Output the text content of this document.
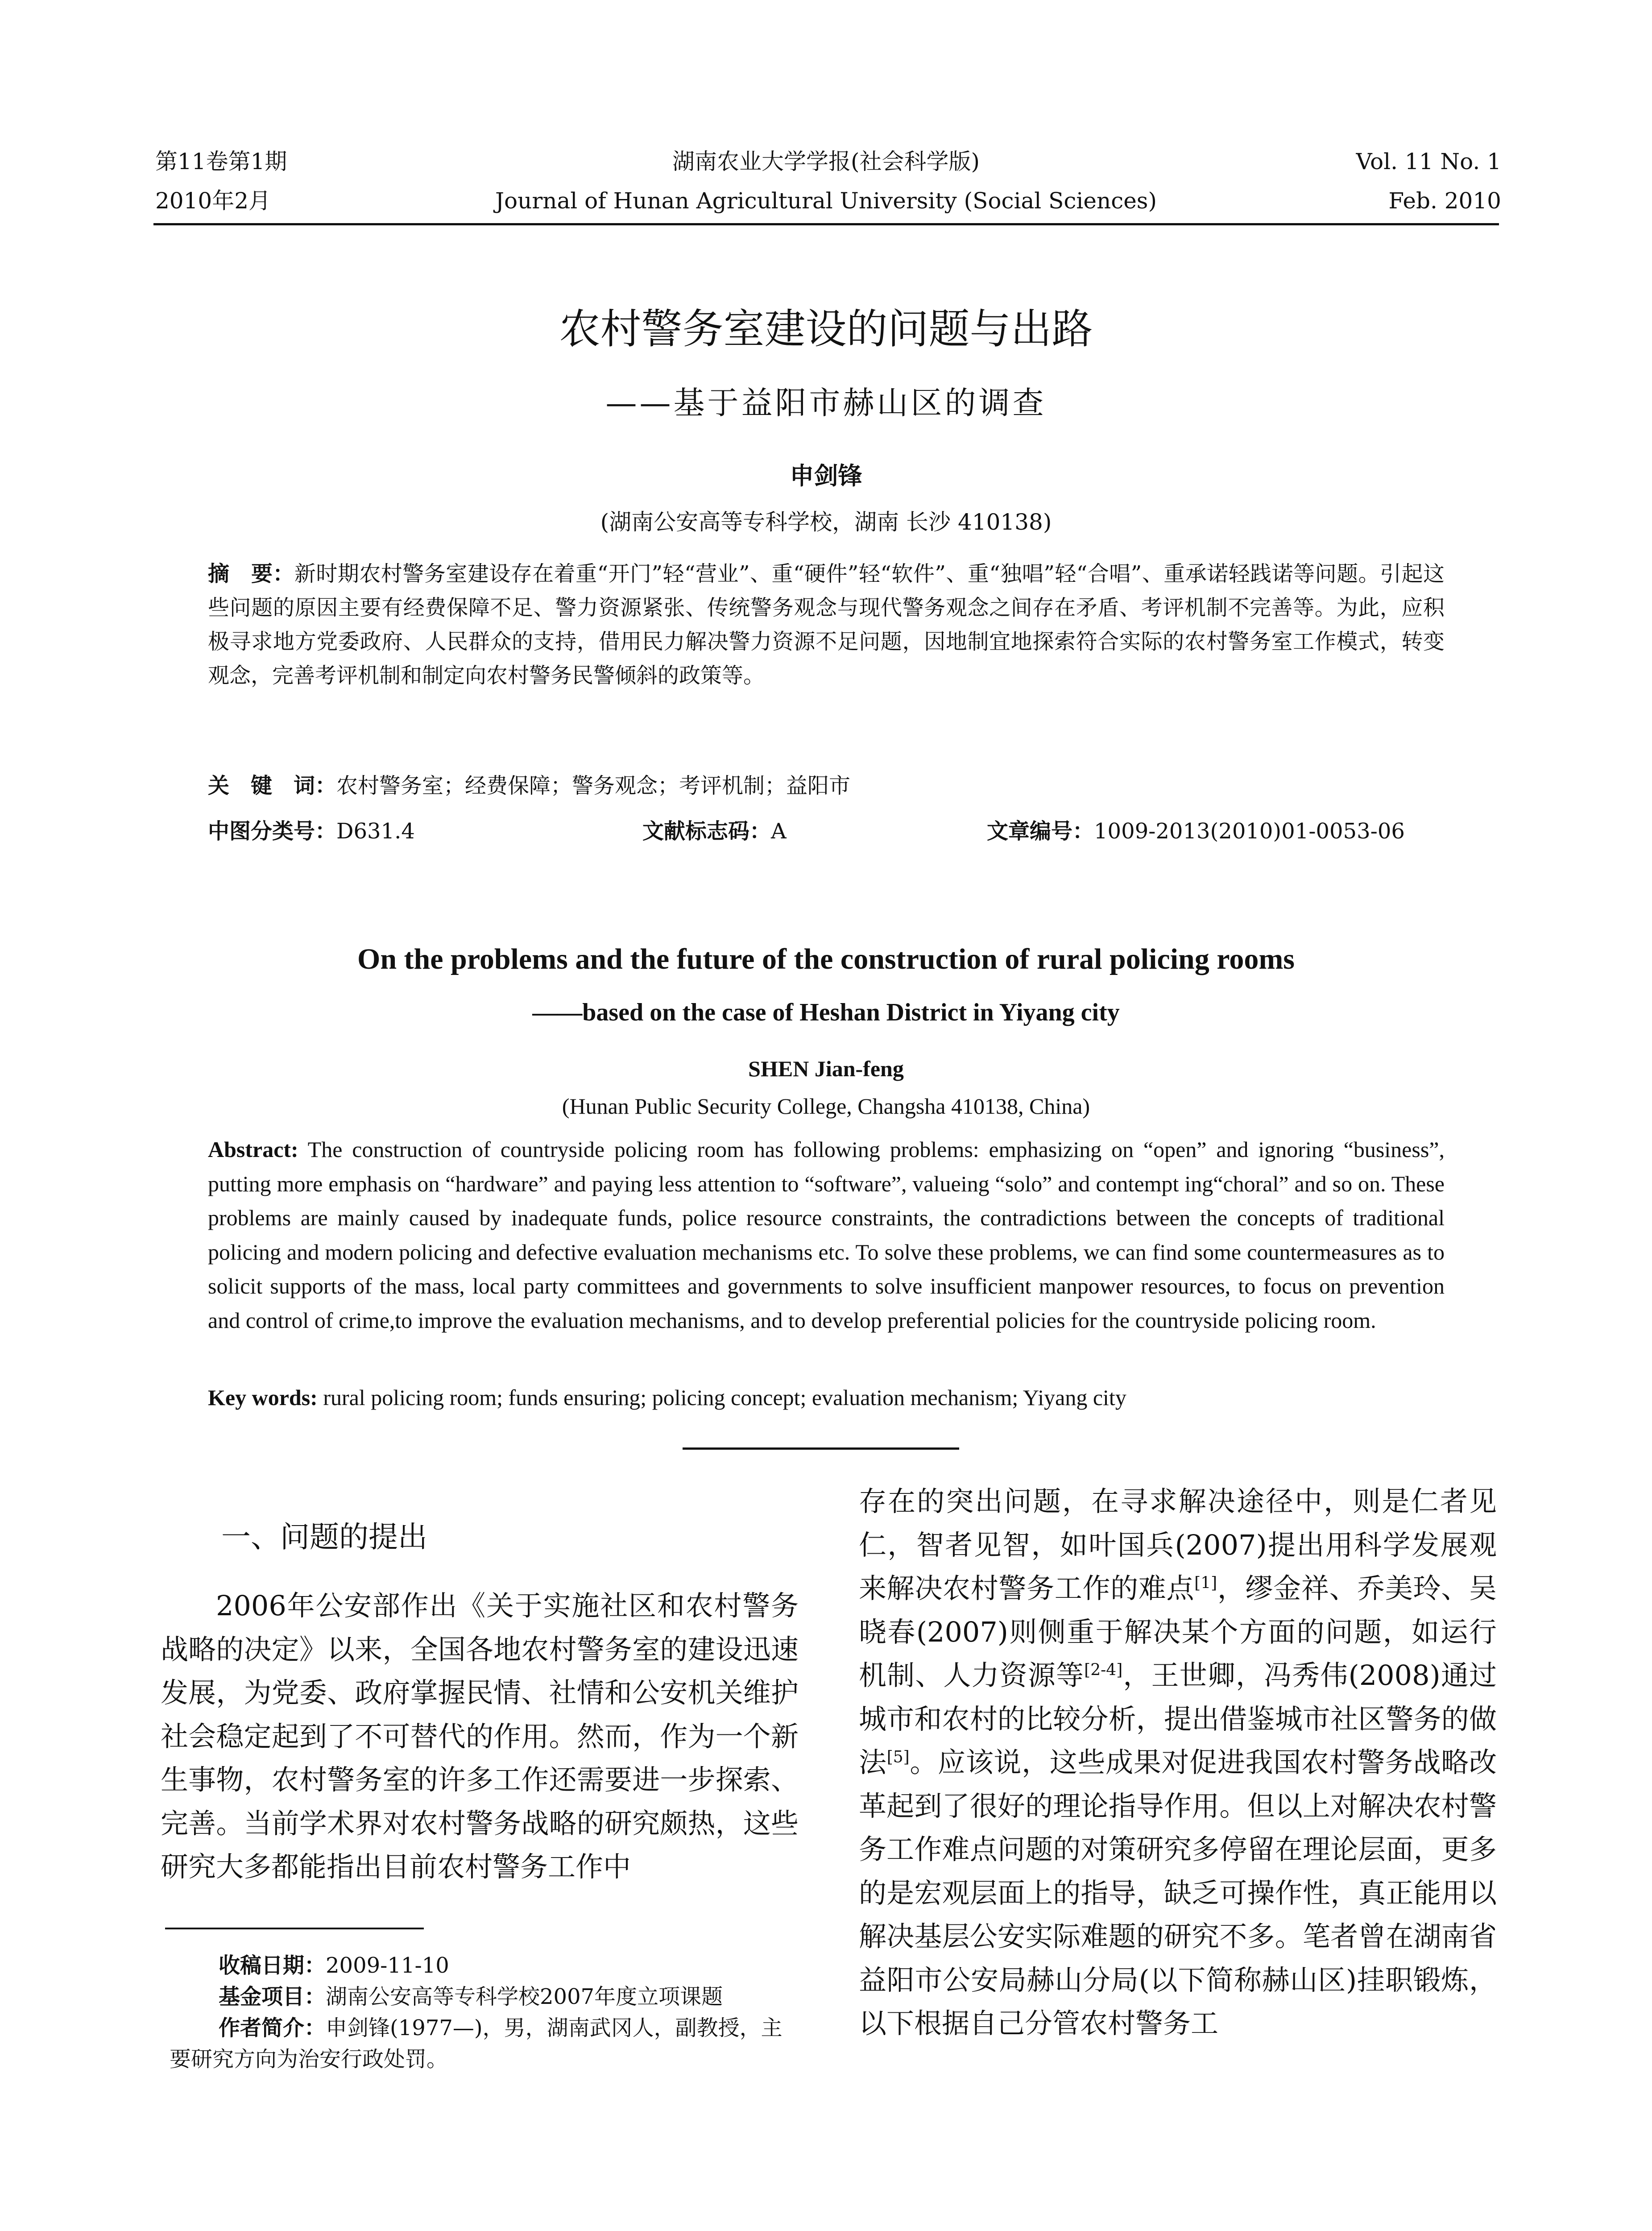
第11卷第1期
2010年2月
湖南农业大学学报(社会科学版)
Journal of Hunan Agricultural University (Social Sciences)
Vol. 11 No. 1
Feb. 2010
农村警务室建设的问题与出路
——基于益阳市赫山区的调查
申剑锋
(湖南公安高等专科学校，湖南 长沙 410138)
摘　要：新时期农村警务室建设存在着重“开门”轻“营业”、重“硬件”轻“软件”、重“独唱”轻“合唱”、重承诺轻践诺等问题。引起这些问题的原因主要有经费保障不足、警力资源紧张、传统警务观念与现代警务观念之间存在矛盾、考评机制不完善等。为此，应积极寻求地方党委政府、人民群众的支持，借用民力解决警力资源不足问题，因地制宜地探索符合实际的农村警务室工作模式，转变观念，完善考评机制和制定向农村警务民警倾斜的政策等。
关　键　词：农村警务室；经费保障；警务观念；考评机制；益阳市
中图分类号：D631.4	文献标志码：A	文章编号：1009-2013(2010)01-0053-06
On the problems and the future of the construction of rural policing rooms
——based on the case of Heshan District in Yiyang city
SHEN Jian-feng
(Hunan Public Security College, Changsha 410138, China)
Abstract: The construction of countryside policing room has following problems: emphasizing on “open” and ignoring “business”, putting more emphasis on “hardware” and paying less attention to “software”, valueing “solo” and contempt ing“choral” and so on. These problems are mainly caused by inadequate funds, police resource constraints, the contradictions between the concepts of traditional policing and modern policing and defective evaluation mechanisms etc. To solve these problems, we can find some countermeasures as to solicit supports of the mass, local party committees and governments to solve insufficient manpower resources, to focus on prevention and control of crime,to improve the evaluation mechanisms, and to develop preferential policies for the countryside policing room.
Key words: rural policing room; funds ensuring; policing concept; evaluation mechanism; Yiyang city
一、问题的提出

2006年公安部作出《关于实施社区和农村警务战略的决定》以来，全国各地农村警务室的建设迅速发展，为党委、政府掌握民情、社情和公安机关维护社会稳定起到了不可替代的作用。然而，作为一个新生事物，农村警务室的许多工作还需要进一步探索、完善。当前学术界对农村警务战略的研究颇热，这些研究大多都能指出目前农村警务工作中

收稿日期：2009-11-10

基金项目：湖南公安高等专科学校2007年度立项课题

作者简介：申剑锋(1977—)，男，湖南武冈人，副教授，主要研究方向为治安行政处罚。

存在的突出问题，在寻求解决途径中，则是仁者见仁，智者见智，如叶国兵(2007)提出用科学发展观来解决农村警务工作的难点[1]，缪金祥、乔美玲、吴晓春(2007)则侧重于解决某个方面的问题，如运行机制、人力资源等[2-4]，王世卿，冯秀伟(2008)通过城市和农村的比较分析，提出借鉴城市社区警务的做法[5]。应该说，这些成果对促进我国农村警务战略改革起到了很好的理论指导作用。但以上对解决农村警务工作难点问题的对策研究多停留在理论层面，更多的是宏观层面上的指导，缺乏可操作性，真正能用以解决基层公安实际难题的研究不多。笔者曾在湖南省益阳市公安局赫山分局(以下简称赫山区)挂职锻炼，以下根据自己分管农村警务工
